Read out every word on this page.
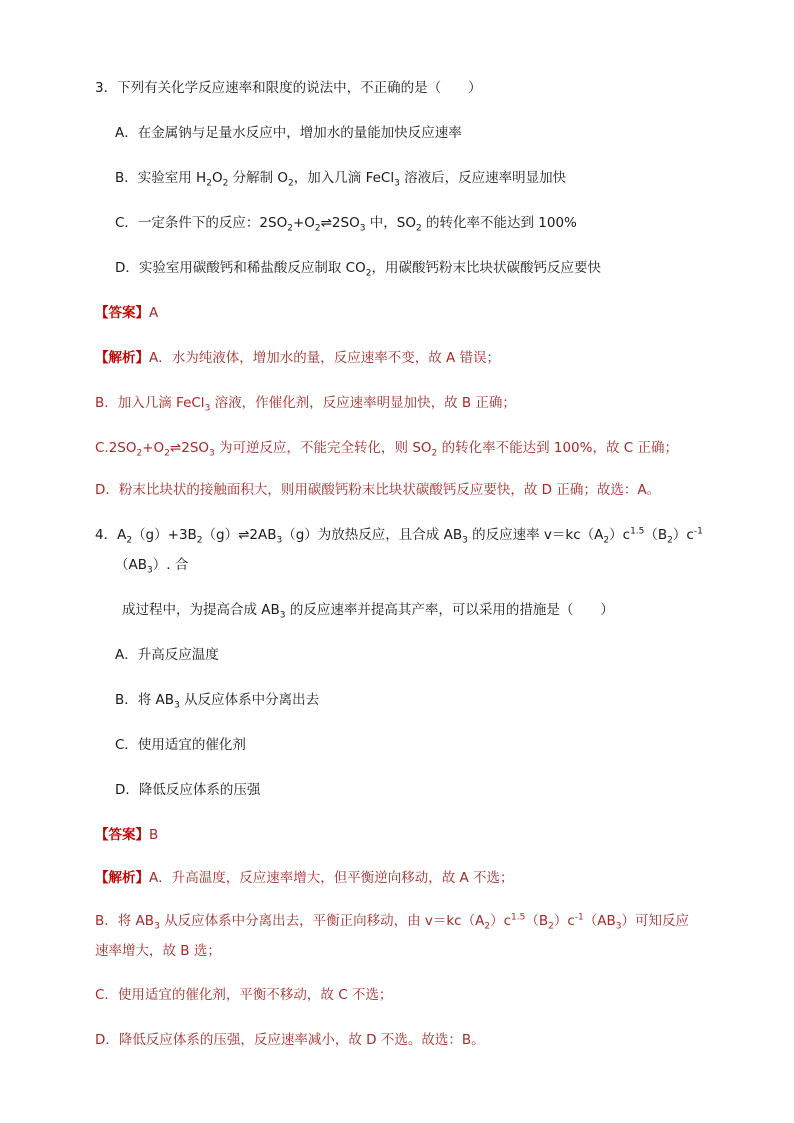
3．下列有关化学反应速率和限度的说法中，不正确的是（　　）
A．在金属钠与足量水反应中，增加水的量能加快反应速率
B．实验室用 $H_2O_2$ 分解制 $O_2$，加入几滴 FeCl$_3$ 溶液后，反应速率明显加快
C．一定条件下的反应：$2SO_2+O_2\rightleftharpoons 2SO_3$ 中，$SO_2$ 的转化率不能达到 100%
D．实验室用碳酸钙和稀盐酸反应制取 $CO_2$，用碳酸钙粉末比块状碳酸钙反应要快
【答案】A
【解析】A．水为纯液体，增加水的量，反应速率不变，故 A 错误；
B．加入几滴 FeCl$_3$ 溶液，作催化剂，反应速率明显加快，故 B 正确；
$C.2SO_2+O_2\rightleftharpoons 2SO_3$ 为可逆反应，不能完全转化，则 $SO_2$ 的转化率不能达到 100%，故 C 正确；
D．粉末比块状的接触面积大，则用碳酸钙粉末比块状碳酸钙反应要快，故 D 正确；故选：A。
4．$A_2(g)+3B_2(g)\rightleftharpoons 2AB_3(g)$为放热反应，且合成 $AB_3$ 的反应速率 $v=kc(A_2)c^{1.5}(B_2)c^{-1}$
$(AB_3)$. 合
成过程中，为提高合成 $AB_3$ 的反应速率并提高其产率，可以采用的措施是（　　）
A．升高反应温度
B．将 $AB_3$ 从反应体系中分离出去
C．使用适宜的催化剂
D．降低反应体系的压强
【答案】B
【解析】A．升高温度，反应速率增大，但平衡逆向移动，故 A 不选；
B．将 $AB_3$ 从反应体系中分离出去，平衡正向移动，由 $v=kc(A_2)c^{1.5}(B_2)c^{-1}(AB_3)$可知反应
速率增大，故 B 选；
C．使用适宜的催化剂，平衡不移动，故 C 不选；
D．降低反应体系的压强，反应速率减小，故 D 不选。故选：B。
